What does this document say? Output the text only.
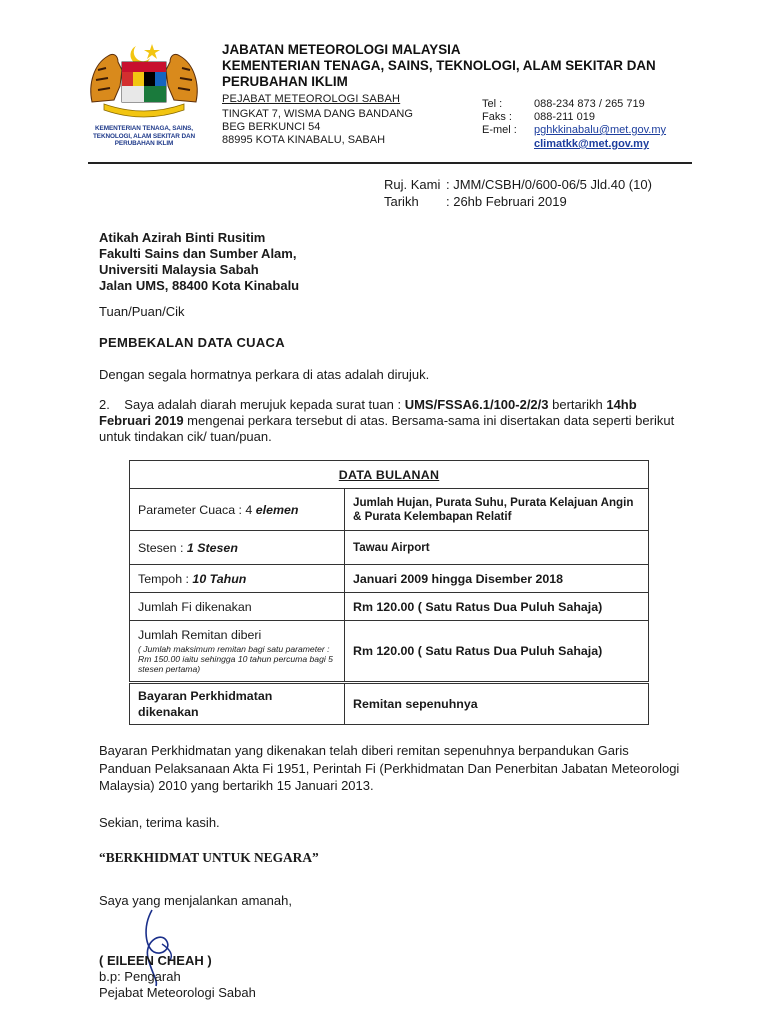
KEMENTERIAN TENAGA, SAINS, TEKNOLOGI, ALAM SEKITAR DAN PERUBAHAN IKLIM
JABATAN METEOROLOGI MALAYSIA
KEMENTERIAN TENAGA, SAINS, TEKNOLOGI, ALAM SEKITAR DAN PERUBAHAN IKLIM
PEJABAT METEOROLOGI SABAH
TINGKAT 7, WISMA DANG BANDANG
BEG BERKUNCI 54
88995 KOTA KINABALU, SABAH
Tel :	088-234 873 / 265 719
Faks : 088-211 019
E-mel : pghkkinabalu@met.gov.my
climatkk@met.gov.my
Ruj. Kami : JMM/CSBH/0/600-06/5 Jld.40 (10)
Tarikh : 26hb Februari 2019
Atikah Azirah Binti Rusitim
Fakulti Sains dan Sumber Alam,
Universiti Malaysia Sabah
Jalan UMS, 88400 Kota Kinabalu
Tuan/Puan/Cik
PEMBEKALAN DATA CUACA
Dengan segala hormatnya perkara di atas adalah dirujuk.
2. Saya adalah diarah merujuk kepada surat tuan : UMS/FSSA6.1/100-2/2/3 bertarikh 14hb Februari 2019 mengenai perkara tersebut di atas. Bersama-sama ini disertakan data seperti berikut untuk tindakan cik/ tuan/puan.
DATA BULANAN	
Parameter Cuaca : 4 elemen	Jumlah Hujan, Purata Suhu, Purata Kelajuan Angin & Purata Kelembapan Relatif
Stesen : 1 Stesen	Tawau Airport
Tempoh : 10 Tahun	Januari 2009 hingga Disember 2018
Jumlah Fi dikenakan	Rm 120.00 ( Satu Ratus Dua Puluh Sahaja)
Jumlah Remitan diberi
( Jumlah maksimum remitan bagi satu parameter : Rm 150.00 iaitu sehingga 10 tahun percuma bagi 5 stesen pertama)	Rm 120.00 ( Satu Ratus Dua Puluh Sahaja)
Bayaran Perkhidmatan dikenakan	Remitan sepenuhnya
Bayaran Perkhidmatan yang dikenakan telah diberi remitan sepenuhnya berpandukan Garis Panduan Pelaksanaan Akta Fi 1951, Perintah Fi (Perkhidmatan Dan Penerbitan Jabatan Meteorologi Malaysia) 2010 yang bertarikh 15 Januari 2013.
Sekian, terima kasih.
“BERKHIDMAT UNTUK NEGARA”
Saya yang menjalankan amanah,
( EILEEN CHEAH )
b.p: Pengarah
Pejabat Meteorologi Sabah
